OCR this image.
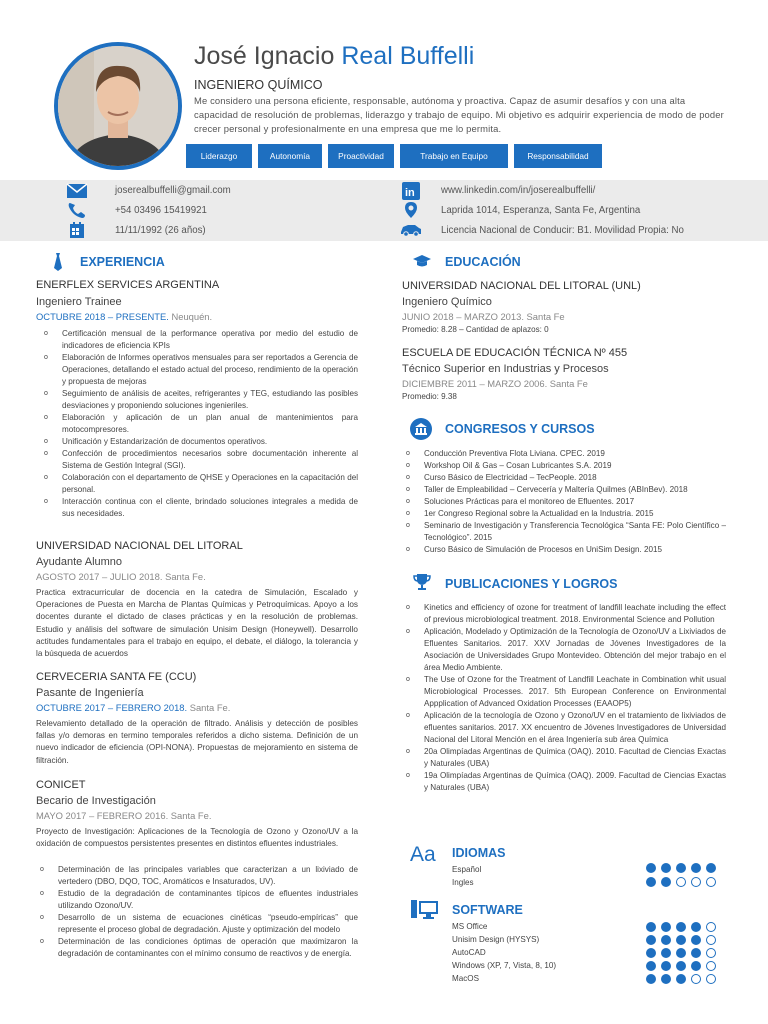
José Ignacio Real Buffelli
INGENIERO QUÍMICO
Me considero una persona eficiente, responsable, autónoma y proactiva. Capaz de asumir desafíos y con una alta capacidad de resolución de problemas, liderazgo y trabajo de equipo. Mi objetivo es adquirir experiencia de modo de poder crecer personal y profesionalmente en una empresa que me lo permita.
Liderazgo	Autonomía	Proactividad	Trabajo en Equipo	Responsabilidad
joserealbuffelli@gmail.com
+54 03496 15419921
11/11/1992 (26 años)
in	www.linkedin.com/in/joserealbuffelli/
Laprida 1014, Esperanza, Santa Fe, Argentina
Licencia Nacional de Conducir: B1. Movilidad Propia: No
EXPERIENCIA
ENERFLEX SERVICES ARGENTINA
Ingeniero Trainee
OCTUBRE 2018 – PRESENTE. Neuquén.
o Certificación mensual de la performance operativa por medio del estudio de indicadores de eficiencia KPIs
o Elaboración de Informes operativos mensuales para ser reportados a Gerencia de Operaciones, detallando el estado actual del proceso, rendimiento de la operación y propuesta de mejoras
o Seguimiento de análisis de aceites, refrigerantes y TEG, estudiando las posibles desviaciones y proponiendo soluciones ingenieriles.
o Elaboración y aplicación de un plan anual de mantenimientos para motocompresores.
o Unificación y Estandarización de documentos operativos.
o Confección de procedimientos necesarios sobre documentación inherente al Sistema de Gestión Integral (SGI).
o Colaboración con el departamento de QHSE y Operaciones en la capacitación del personal.
o Interacción continua con el cliente, brindado soluciones integrales a medida de sus necesidades.
UNIVERSIDAD NACIONAL DEL LITORAL
Ayudante Alumno
AGOSTO 2017 – JULIO 2018. Santa Fe.
Practica extracurricular de docencia en la catedra de Simulación, Escalado y Operaciones de Puesta en Marcha de Plantas Químicas y Petroquímicas. Apoyo a los docentes durante el dictado de clases prácticas y en la resolución de problemas. Estudio y análisis del software de simulación Unisim Design (Honeywell). Desarrollo actitudes fundamentales para el trabajo en equipo, el debate, el diálogo, la tolerancia y la búsqueda de acuerdos
CERVECERIA SANTA FE (CCU)
Pasante de Ingeniería
OCTUBRE 2017 – FEBRERO 2018. Santa Fe.
Relevamiento detallado de la operación de filtrado. Análisis y detección de posibles fallas y/o demoras en termino temporales referidos a dicho sistema. Definición de un nuevo indicador de eficiencia (OPI-NONA). Propuestas de mejoramiento en sistema de filtración.
CONICET
Becario de Investigación
MAYO 2017 – FEBRERO 2016. Santa Fe.
Proyecto de Investigación: Aplicaciones de la Tecnología de Ozono y Ozono/UV a la oxidación de compuestos persistentes presentes en distintos efluentes industriales.
o Determinación de las principales variables que caracterizan a un lixiviado de vertedero (DBO, DQO, TOC, Aromáticos e Insaturados, UV).
o Estudio de la degradación de contaminantes típicos de efluentes industriales utilizando Ozono/UV.
o Desarrollo de un sistema de ecuaciones cinéticas “pseudo-empíricas” que represente el proceso global de degradación. Ajuste y optimización del modelo
o Determinación de las condiciones óptimas de operación que maximizaron la degradación de contaminantes con el mínimo consumo de reactivos y de energía.
EDUCACIÓN
UNIVERSIDAD NACIONAL DEL LITORAL (UNL)
Ingeniero Químico
JUNIO 2018 – MARZO 2013. Santa Fe
Promedio: 8.28 – Cantidad de aplazos: 0
ESCUELA DE EDUCACIÓN TÉCNICA Nº 455
Técnico Superior en Industrias y Procesos
DICIEMBRE 2011 – MARZO 2006. Santa Fe
Promedio: 9.38
CONGRESOS Y CURSOS
o Conducción Preventiva Flota Liviana. CPEC. 2019
o Workshop Oil & Gas – Cosan Lubricantes S.A. 2019
o Curso Básico de Electricidad – TecPeople. 2018
o Taller de Empleabilidad – Cervecería y Maltería Quilmes (ABInBev). 2018
o Soluciones Prácticas para el monitoreo de Efluentes. 2017
o 1er Congreso Regional sobre la Actualidad en la Industria. 2015
o Seminario de Investigación y Transferencia Tecnológica “Santa FE: Polo Científico – Tecnológico”. 2015
o Curso Básico de Simulación de Procesos en UniSim Design. 2015
PUBLICACIONES Y LOGROS
o Kinetics and efficiency of ozone for treatment of landfill leachate including the effect of previous microbiological treatment. 2018. Environmental Science and Pollution
o Aplicación, Modelado y Optimización de la Tecnología de Ozono/UV a Lixiviados de Efluentes Sanitarios. 2017. XXV Jornadas de Jóvenes Investigadores de la Asociación de Universidades Grupo Montevideo. Obtención del mejor trabajo en el área Medio Ambiente.
o The Use of Ozone for the Treatment of Landfill Leachate in Combination whit usual Microbiological Processes. 2017. 5th European Conference on Environmental Appplication of Advanced Oxidation Processes (EAAOP5)
o Aplicación de la tecnología de Ozono y Ozono/UV en el tratamiento de lixiviados de efluentes sanitarios. 2017. XX encuentro de Jóvenes Investigadores de Universidad Nacional del Litoral Mención en el área Ingeniería sub área Química
o 20a Olimpíadas Argentinas de Química (OAQ). 2010. Facultad de Ciencias Exactas y Naturales (UBA)
o 19a Olimpíadas Argentinas de Química (OAQ). 2009. Facultad de Ciencias Exactas y Naturales (UBA)
Aa IDIOMAS
Español
Ingles
SOFTWARE
MS Office
Unisim Design (HYSYS)
AutoCAD
Windows (XP, 7, Vista, 8, 10)
MacOS
